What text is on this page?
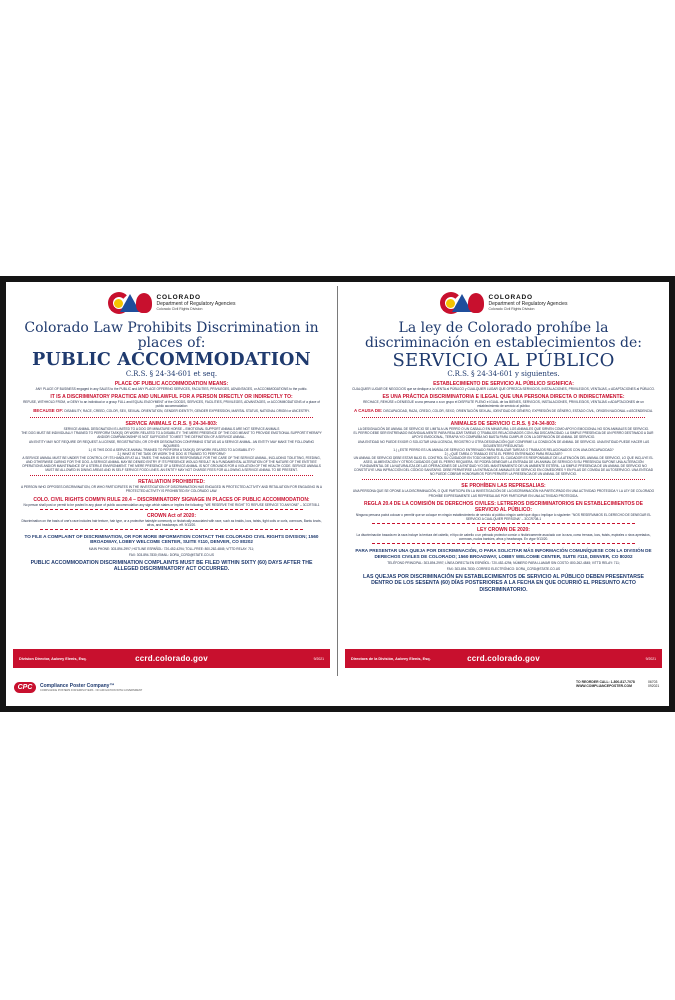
COLORADO
Department of Regulatory Agencies
Colorado Civil Rights Division
Colorado Law Prohibits Discrimination in places of:
PUBLIC ACCOMMODATION
C.R.S. § 24-34-601 et seq.
PLACE OF PUBLIC ACCOMMODATION MEANS:
ANY PLACE OF BUSINESS engaged in any SALES to the PUBLIC and ANY PLACE OFFERING SERVICES, FACILITIES, PRIVILEGES, ADVANTAGES, or ACCOMMODATIONS to the public.
IT IS A DISCRIMINATORY PRACTICE AND UNLAWFUL FOR A PERSON DIRECTLY OR INDIRECTLY TO:
REFUSE, WITHHOLD FROM, or DENY to an individual or a group FULL and EQUAL ENJOYMENT of the GOODS, SERVICES, FACILITIES, PRIVILEGES, ADVANTAGES, or ACCOMMODATIONS of a place of public accommodation
BECAUSE OF: DISABILITY, RACE, CREED, COLOR, SEX, SEXUAL ORIENTATION, GENDER IDENTITY, GENDER EXPRESSION, MARITAL STATUS, NATIONAL ORIGIN or ANCESTRY.
SERVICE ANIMALS C.R.S. § 24-34-803:
SERVICE ANIMAL DESIGNATION IS LIMITED TO A DOG OR MINIATURE HORSE – EMOTIONAL SUPPORT ANIMALS ARE NOT SERVICE ANIMALS
THE DOG MUST BE INDIVIDUALLY TRAINED TO PERFORM TASK(S) OR WORK RELATED TO A DISABILITY. THE MERE PRESENCE OF THE DOG MEANT TO PROVIDE EMOTIONAL SUPPORT/THERAPY AND/OR COMPANIONSHIP IS NOT SUFFICIENT TO MEET THE DEFINITION OF A SERVICE ANIMAL.
AN ENTITY MAY NOT REQUIRE OR REQUEST A LICENSE, REGISTRATION, OR OTHER DESIGNATION CONFIRMING STATUS AS A SERVICE ANIMAL. AN ENTITY MAY MAKE THE FOLLOWING INQUIRIES:
1.) IS THIS DOG A SERVICE ANIMAL TRAINED TO PERFORM A TASK(S) OR WORK RELATED TO A DISABILITY?
2.) WHAT IS THE TASK OR WORK THE DOG IS TRAINED TO PERFORM?
A SERVICE ANIMAL MUST BE UNDER THE CONTROL OF ITS HANDLER AT ALL TIMES. THE HANDLER IS RESPONSIBLE FOR THE CARE OF THE SERVICE ANIMAL, INCLUDING TOILETING, FEEDING, AND OTHERWISE CARING FOR THE DOG. A SERVICE ANIMAL MAY BE DENIED ENTRY IF ITS PRESENCE WOULD RESULT IN A FUNDAMENTAL ALTERATION OF THE NATURE OF THE ENTITIES' OPERATIONS AND/OR MAINTENANCE OF A STERILE ENVIRONMENT. THE MERE PRESENCE OF A SERVICE ANIMAL IS NOT GROUNDS FOR A VIOLATION OF THE HEALTH CODE. SERVICE ANIMALS MUST BE ALLOWED IN DINING AREAS AND IN SELF SERVICE FOOD LINES. AN ENTITY MAY NOT CHARGE FEES FOR ALLOWING A SERVICE ANIMAL TO BE PRESENT.
RETALIATION PROHIBITED:
A PERSON WHO OPPOSES DISCRIMINATION, OR WHO PARTICIPATES IN THE INVESTIGATION OF DISCRIMINATION HAS ENGAGED IN PROTECTED ACTIVITY AND RETALIATION FOR ENGAGING IN A PROTECTED ACTIVITY IS PROHIBITED BY COLORADO LAW.
COLO. CIVIL RIGHTS COMM'N RULE 20.4 – DISCRIMINATORY SIGNAGE IN PLACES OF PUBLIC ACCOMMODATION:
No person shall post or permit to be posted in any place of public accommodation any sign which states or implies the following: "WE RESERVE THE RIGHT TO REFUSE SERVICE TO ANYONE" – 3CCR708-1
CROWN Act of 2020:
Discrimination on the basis of one's race includes hair texture, hair type, or a protective hairstyle commonly or historically associated with race, such as braids, locs, twists, tight coils or curls, cornrows, Bantu knots, afros, and headwraps. eff. 9/13/20.
TO FILE A COMPLAINT OF DISCRIMINATION, OR FOR MORE INFORMATION CONTACT THE COLORADO CIVIL RIGHTS DIVISION; 1560 BROADWAY, LOBBY WELCOME CENTER, SUITE #110, DENVER, CO 80202
MAIN PHONE: 303-894-2997; HOTLINE ESPAÑOL: 720-452-4294; TOLL-FREE: 800-262-4845; V/TTD RELAY: 711;
FAX: 303-894-7830; EMAIL: DORA_CCRD@STATE.CO.US
PUBLIC ACCOMMODATION DISCRIMINATION COMPLAINTS MUST BE FILED WITHIN SIXTY (60) DAYS AFTER THE ALLEGED DISCRIMINATORY ACT OCCURRED.
COLORADO
Department of Regulatory Agencies
Colorado Civil Rights Division
La ley de Colorado prohíbe la discriminación en establecimientos de:
SERVICIO AL PÚBLICO
C.R.S. § 24-34-601 y siguientes.
ESTABLECIMIENTO DE SERVICIO AL PÚBLICO SIGNIFICA:
CUALQUIER LUGAR DE NEGOCIOS que se dedique a la VENTA al PÚBLICO y CUALQUIER LUGAR QUE OFREZCA SERVICIOS, INSTALACIONES, PRIVILEGIOS, VENTAJAS, o ADAPTACIONES al PÚBLICO.
ES UNA PRÁCTICA DISCRIMINATORIA E ILEGAL QUE UNA PERSONA DIRECTA O INDIRECTAMENTE:
RECHACE, REHÚSE o DENIEGUE a una persona o a un grupo el DISFRUTE PLENO e IGUAL de los BIENES, SERVICIOS, INSTALACIONES, PRIVILEGIOS, VENTAJAS o ADAPTACIONES de un establecimiento de servicio al público
A CAUSA DE: DISCAPACIDAD, RAZA, CREDO, COLOR, SEXO, ORIENTACIÓN SEXUAL, IDENTIDAD DE GÉNERO, EXPRESIÓN DE GÉNERO, ESTADO CIVIL, ORIGEN NACIONAL o ASCENDENCIA.
ANIMALES DE SERVICIO C.R.S. § 24-34-803:
LA DESIGNACIÓN DE ANIMAL DE SERVICIO SE LIMITA A UN PERRO O UN CABALLO EN MINIATURA; LOS ANIMALES QUE SIRVEN COMO APOYO EMOCIONAL NO SON ANIMALES DE SERVICIO.
EL PERRO DEBE SER ENTRENADO INDIVIDUALMENTE PARA REALIZAR TAREAS O TRABAJOS RELACIONADOS CON UNA DISCAPACIDAD. LA SIMPLE PRESENCIA DE UN PERRO DESTINADO A DAR APOYO EMOCIONAL, TERAPIA Y/O COMPAÑÍA NO BASTA PARA CUMPLIR CON LA DEFINICIÓN DE ANIMAL DE SERVICIO.
UNA ENTIDAD NO PUEDE EXIGIR O SOLICITAR UNA LICENCIA, REGISTRO U OTRA DESIGNACIÓN QUE CONFIRME LA CONDICIÓN DE ANIMAL DE SERVICIO. UNA ENTIDAD PUEDE HACER LAS SIGUIENTES PREGUNTAS:
1.) ¿ESTE PERRO ES UN ANIMAL DE SERVICIO ENTRENADO PARA REALIZAR TAREAS O TRABAJOS RELACIONADOS CON UNA DISCAPACIDAD?
2.) ¿QUÉ TAREA O TRABAJO ESTÁ EL PERRO ENTRENADO PARA REALIZAR?
UN ANIMAL DE SERVICIO DEBE ESTAR BAJO EL CONTROL SU CUIDADOR EN TODO MOMENTO. EL CUIDADOR ES RESPONSABLE DE LA ATENCIÓN DEL ANIMAL DE SERVICIO, LO QUE INCLUYE EL ASEO, ALIMENTACIÓN Y OTROS CUIDADOS QUE EL PERRO REQUIERA. SE PODRÁ DENEGAR LA ENTRADA DE UN ANIMAL DE SERVICIO SI SU PRESENCIA SUPONE UNA ALTERACIÓN FUNDAMENTAL DE LA NATURALEZA DE LAS OPERACIONES DE LA ENTIDAD Y/O DEL MANTENIMIENTO DE UN AMBIENTE ESTÉRIL. LA SIMPLE PRESENCIA DE UN ANIMAL DE SERVICIO NO CONSTITUYE UNA INFRACCIÓN DEL CÓDIGO SANITARIO. DEBE PERMITIRSE LA ENTRADA DE ANIMALES DE SERVICIO EN COMEDORES Y EN FILAS DE COMIDA DE AUTOSERVICIO. UNA ENTIDAD NO PUEDE COBRAR HONORARIOS POR PERMITIR LA PRESENCIA DE UN ANIMAL DE SERVICIO.
SE PROHÍBEN LAS REPRESALIAS:
UNA PERSONA QUE SE OPONE A LA DISCRIMINACIÓN, O QUE PARTICIPA EN LA INVESTIGACIÓN DE LA DISCRIMINACIÓN HA PARTICIPADO EN UNA ACTIVIDAD PROTEGIDA Y LA LEY DE COLORADO PROHÍBE EXPRESAMENTE LAS REPRESALIAS POR PARTICIPAR EN UNA ACTIVIDAD PROTEGIDA.
REGLA 20.4 DE LA COMISIÓN DE DERECHOS CIVILES: LETREROS DISCRIMINATORIOS EN ESTABLECIMIENTOS DE SERVICIO AL PÚBLICO:
Ninguna persona podrá colocar o permitir que se coloque en ningún establecimiento de servicio al público ningún cartel que diga o implique lo siguiente: "NOS RESERVAMOS EL DERECHO DE DENEGAR EL SERVICIO A CUALQUIER PERSONA" – 3CCR708-1
LEY CROWN DE 2020:
La discriminación basada en la raza incluye la textura del cabello, el tipo de cabello o un peinado protector común o históricamente asociado con la raza, como trenzas, locs, twists, espirales o rizos apretados, cornrows, nudos bantúes, afros y headwraps. En vigor 9/13/20.
PARA PRESENTAR UNA QUEJA POR DISCRIMINACIÓN, O PARA SOLICITAR MÁS INFORMACIÓN COMUNÍQUESE CON LA DIVISIÓN DE DERECHOS CIVILES DE COLORADO; 1560 BROADWAY, LOBBY WELCOME CENTER, SUITE #110, DENVER, CO 80202
TELÉFONO PRINCIPAL: 303-894-2997; LÍNEA DIRECTA EN ESPAÑOL: 720-452-4294; NÚMERO PARA LLAMAR SIN COSTO: 800-262-4845; V/TTD RELAY: 711;
FAX: 303-894-7830; CORREO ELECTRÓNICO: DORA_CCRD@STATE.CO.US
LAS QUEJAS POR DISCRIMINACIÓN EN ESTABLECIMIENTOS DE SERVICIO AL PÚBLICO DEBEN PRESENTARSE DENTRO DE LOS SESENTA (60) DÍAS POSTERIORES A LA FECHA EN QUE OCURRIÓ EL PRESUNTO ACTO DISCRIMINATORIO.
Division Director, Aubrey Elenis, Esq.	ccrd.colorado.gov	9/2021	Directora de la División, Aubrey Elenis, Esq.	ccrd.colorado.gov	9/2021
CPC	Compliance Poster Company™
COMPLIANCE POSTERS FOR EMPLOYERS · NO AFFILIATION WITH GOVERNMENT
TO REORDER CALL: 1-800-817-7078
WWW.COMPLIANCEPOSTER.COM
06703
092021
